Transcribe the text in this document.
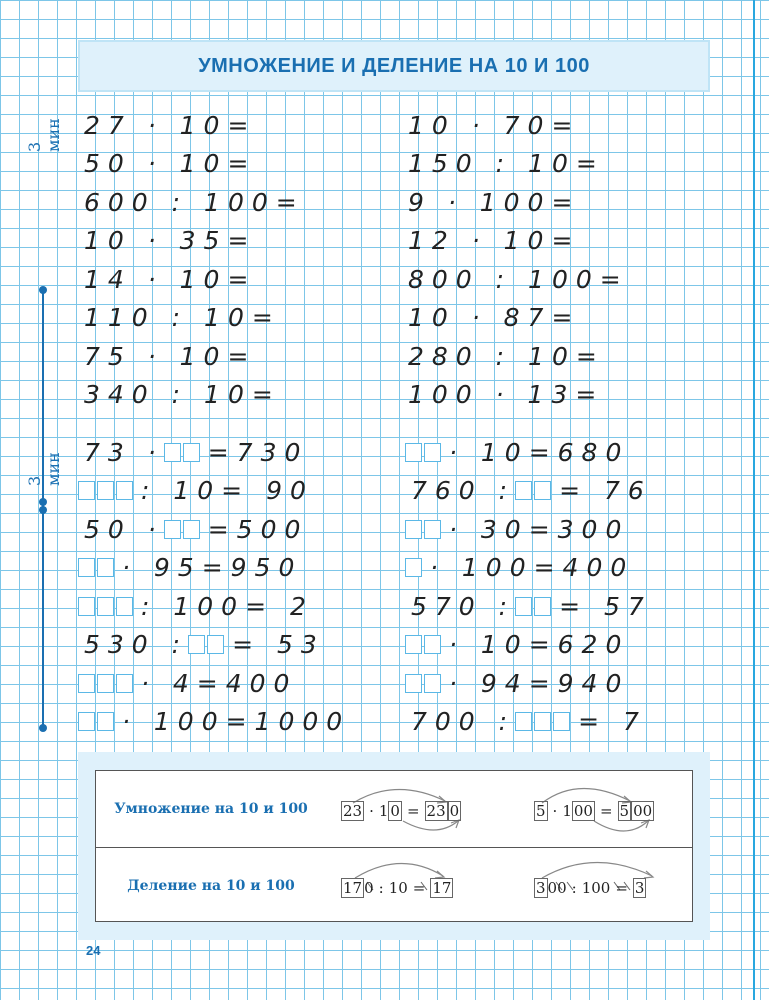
УМНОЖЕНИЕ И ДЕЛЕНИЕ НА 10 И 100
3 мин
3 мин
27 · 10=
50 · 10=
600 : 100=
10 · 35=
14 · 10=
110 : 10=
75 · 10=
340 : 10=
10 · 70=
150 : 10=
9 · 100=
12 · 10=
800 : 100=
10 · 87=
280 : 10=
100 · 13=
73 · =730
: 10= 90
50 · =500
· 95=950
: 100= 2
530 : = 53
· 4=400
· 100=1000
· 10=680
760 : = 76
· 30=300
· 100=400
570 : = 57
· 10=620
· 94=940
700 :	= 7
Умножение на 10 и 100	23 · 1 0 = 23 0	5 · 1 00 = 5 00
Деление на 10 и 100	17 0 : 1 0 = 17	3 00 : 1 00 = 3
24
